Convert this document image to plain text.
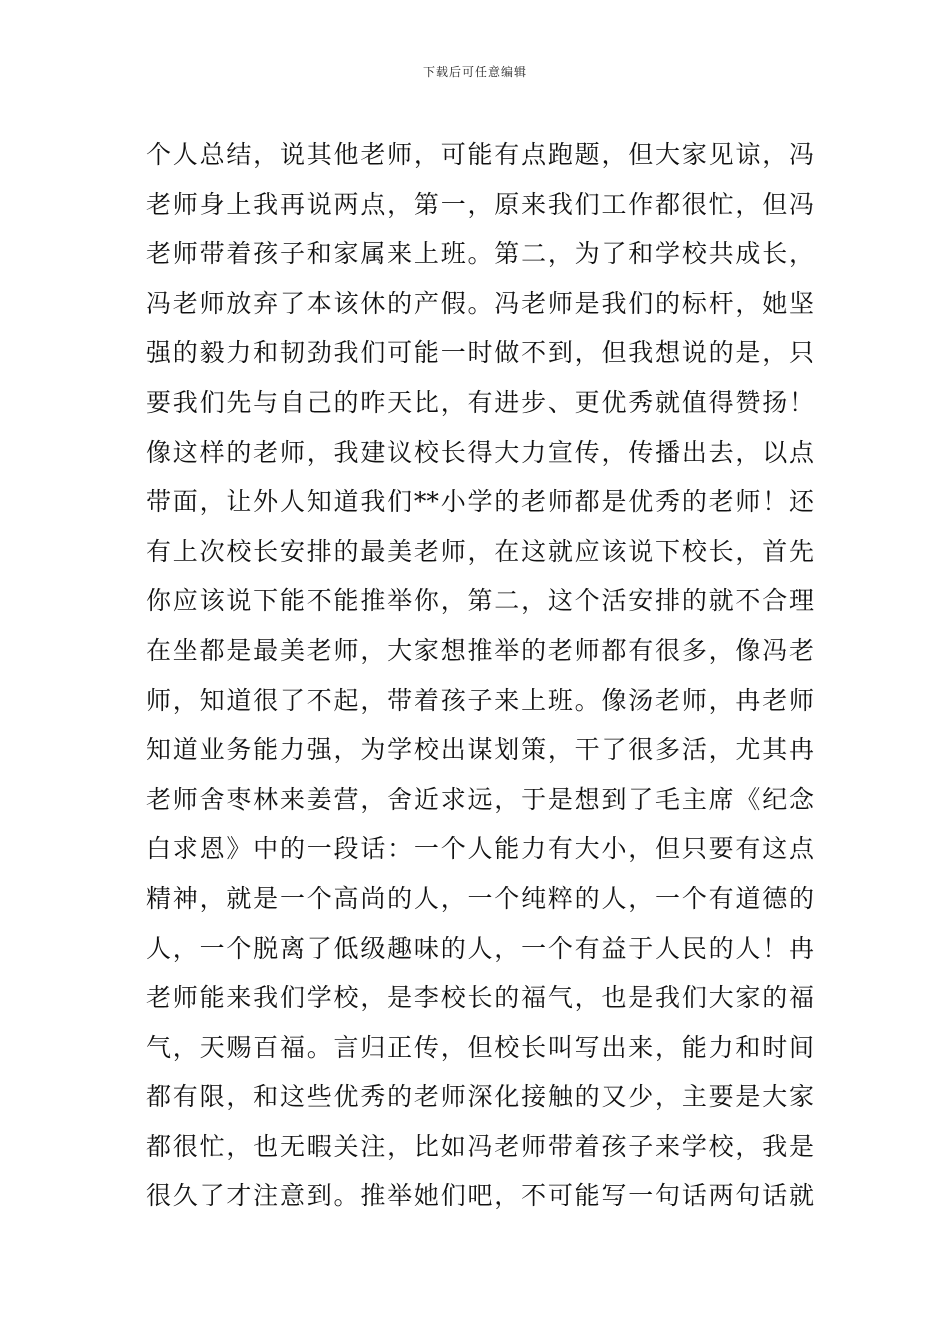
下载后可任意编辑
个人总结，说其他老师，可能有点跑题，但大家见谅，冯
老师身上我再说两点，第一，原来我们工作都很忙，但冯
老师带着孩子和家属来上班。第二，为了和学校共成长，
冯老师放弃了本该休的产假。冯老师是我们的标杆，她坚
强的毅力和韧劲我们可能一时做不到，但我想说的是，只
要我们先与自己的昨天比，有进步、更优秀就值得赞扬！
像这样的老师，我建议校长得大力宣传，传播出去，以点
带面，让外人知道我们**小学的老师都是优秀的老师！还
有上次校长安排的最美老师，在这就应该说下校长，首先
你应该说下能不能推举你，第二，这个活安排的就不合理
在坐都是最美老师，大家想推举的老师都有很多，像冯老
师，知道很了不起，带着孩子来上班。像汤老师，冉老师
知道业务能力强，为学校出谋划策，干了很多活，尤其冉
老师舍枣林来姜营，舍近求远，于是想到了毛主席《纪念
白求恩》中的一段话：一个人能力有大小，但只要有这点
精神，就是一个高尚的人，一个纯粹的人，一个有道德的
人，一个脱离了低级趣味的人，一个有益于人民的人！冉
老师能来我们学校，是李校长的福气，也是我们大家的福
气，天赐百福。言归正传，但校长叫写出来，能力和时间
都有限，和这些优秀的老师深化接触的又少，主要是大家
都很忙，也无暇关注，比如冯老师带着孩子来学校，我是
很久了才注意到。推举她们吧，不可能写一句话两句话就
